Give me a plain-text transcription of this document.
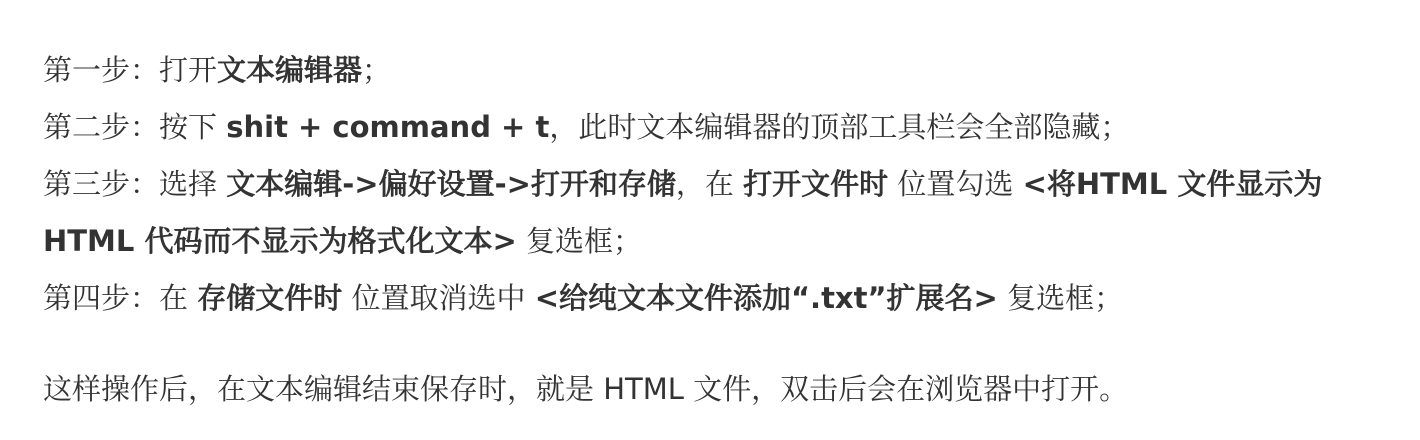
第一步：打开文本编辑器；

第二步：按下 shit + command + t，此时文本编辑器的顶部工具栏会全部隐藏；

第三步：选择 文本编辑->偏好设置->打开和存储，在 打开文件时 位置勾选 <将HTML 文件显示为 HTML 代码而不显示为格式化文本> 复选框；

第四步：在 存储文件时 位置取消选中 <给纯文本文件添加“.txt”扩展名> 复选框；

这样操作后，在文本编辑结束保存时，就是 HTML 文件，双击后会在浏览器中打开。
